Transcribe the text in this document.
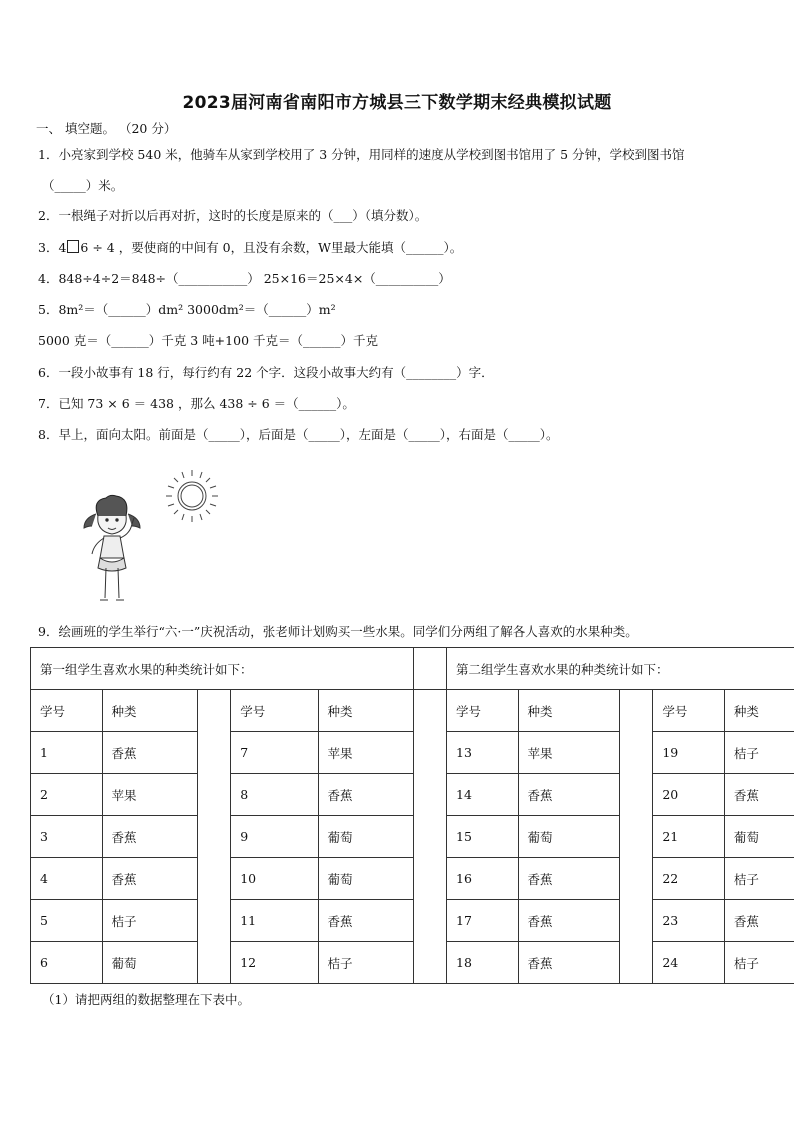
2023届河南省南阳市方城县三下数学期末经典模拟试题
一、 填空题。 （20 分）
1．小亮家到学校 540 米，他骑车从家到学校用了 3 分钟，用同样的速度从学校到图书馆用了 5 分钟，学校到图书馆
（_____）米。
2．一根绳子对折以后再对折，这时的长度是原来的（___）（填分数）。
3．4 6 ÷ 4 ，要使商的中间有 0，且没有余数，W里最大能填（______）。
4．848÷4÷2＝848÷（___________） 25×16＝25×4×（__________）
5．8m²＝（______）dm² 3000dm²＝（______）m²
5000 克＝（______）千克 3 吨+100 千克＝（______）千克
6．一段小故事有 18 行，每行约有 22 个字．这段小故事大约有（________）字．
7．已知 73 × 6 ＝ 438 ，那么 438 ÷ 6 ＝（______）。
8．早上，面向太阳。前面是（_____），后面是（_____），左面是（_____），右面是（_____）。
9．绘画班的学生举行“六·一”庆祝活动，张老师计划购买一些水果。同学们分两组了解各人喜欢的水果种类。
第一组学生喜欢水果的种类统计如下：						第二组学生喜欢水果的种类统计如下：				
学号	种类		学号	种类		学号	种类		学号	种类
1	香蕉		7	苹果		13	苹果		19	桔子
2	苹果		8	香蕉		14	香蕉		20	香蕉
3	香蕉		9	葡萄		15	葡萄		21	葡萄
4	香蕉		10	葡萄		16	香蕉		22	桔子
5	桔子		11	香蕉		17	香蕉		23	香蕉
6	葡萄		12	桔子		18	香蕉		24	桔子
（1）请把两组的数据整理在下表中。
